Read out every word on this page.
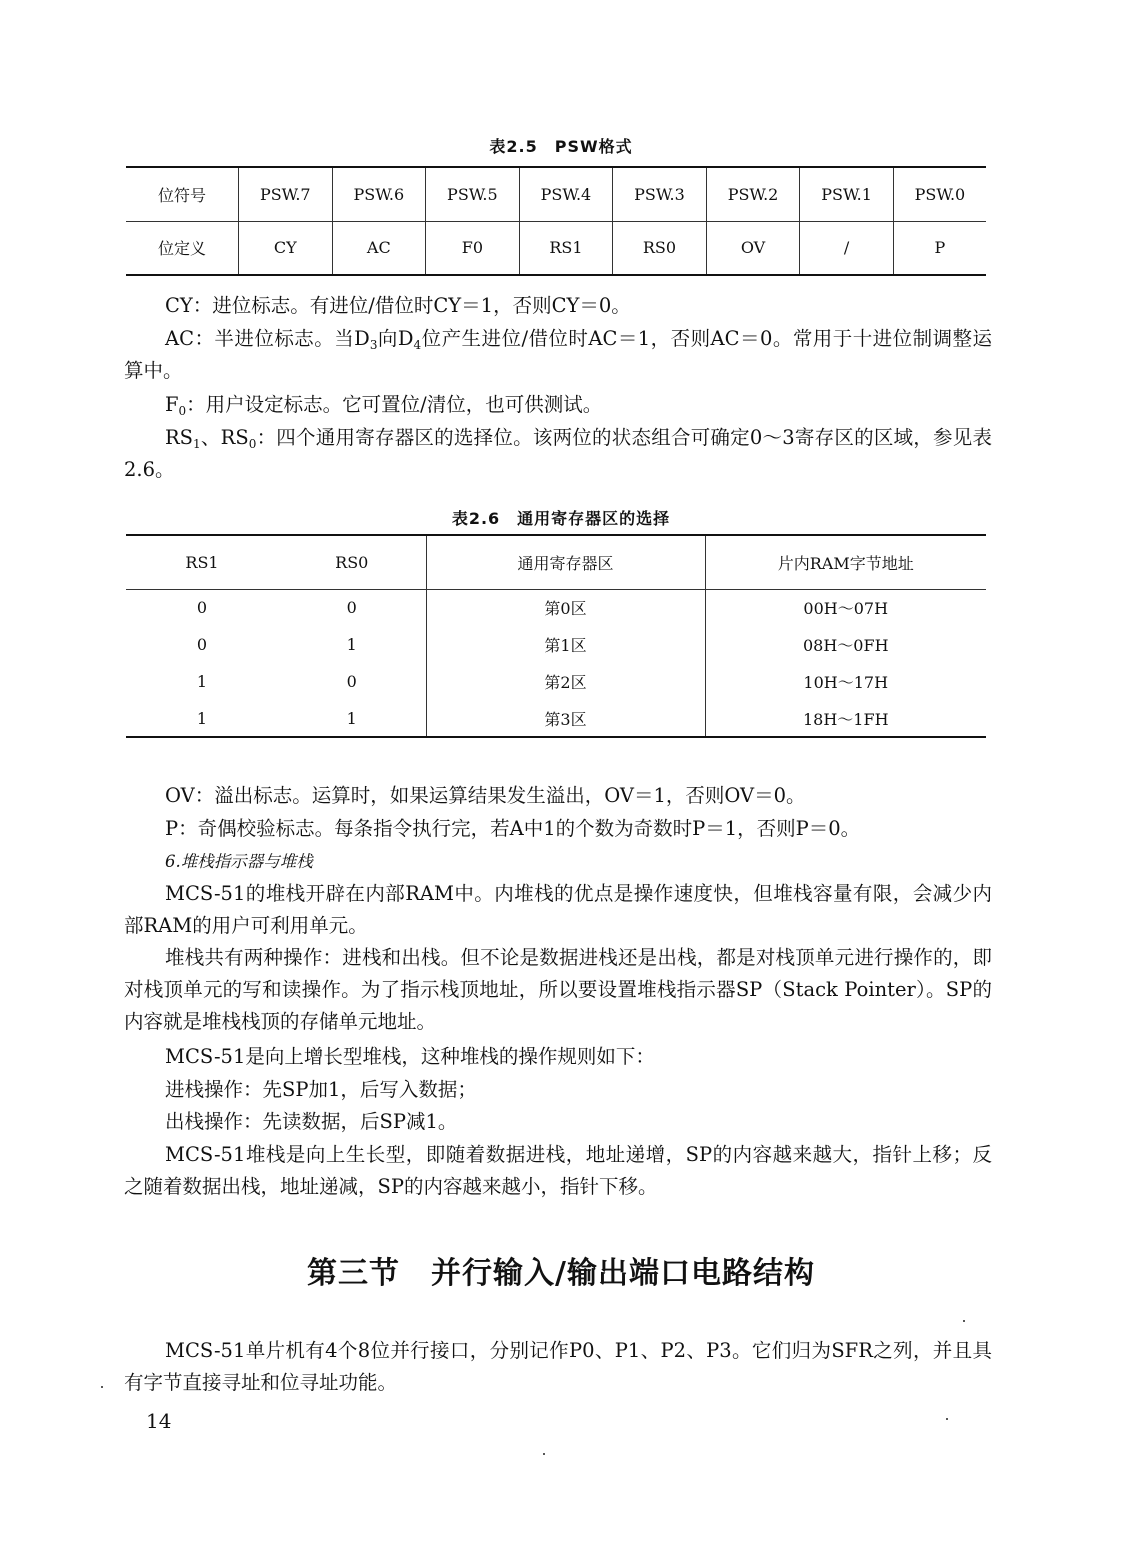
表2.5　PSW格式
位符号	PSW.7	PSW.6	PSW.5	PSW.4	PSW.3	PSW.2	PSW.1	PSW.0
位定义	CY	AC	F0	RS1	RS0	OV	/	P

CY：进位标志。有进位/借位时CY＝1，否则CY＝0。

AC：半进位标志。当$D_3$向$D_4$位产生进位/借位时AC＝1，否则AC＝0。常用于十进位制调整运算中。

$F_0$：用户设定标志。它可置位/清位，也可供测试。

$RS_1$、$RS_0$：四个通用寄存器区的选择位。该两位的状态组合可确定0～3寄存区的区域，参见表2.6。

表2.6　通用寄存器区的选择
RS1	RS0	通用寄存器区	片内RAM字节地址
0	0	第0区	00H～07H
0	1	第1区	08H～0FH
1	0	第2区	10H～17H
1	1	第3区	18H～1FH

OV：溢出标志。运算时，如果运算结果发生溢出，OV＝1，否则OV＝0。

P：奇偶校验标志。每条指令执行完，若A中1的个数为奇数时P＝1，否则P＝0。

6.堆栈指示器与堆栈

MCS-51的堆栈开辟在内部RAM中。内堆栈的优点是操作速度快，但堆栈容量有限，会减少内部RAM的用户可利用单元。

堆栈共有两种操作：进栈和出栈。但不论是数据进栈还是出栈，都是对栈顶单元进行操作的，即对栈顶单元的写和读操作。为了指示栈顶地址，所以要设置堆栈指示器SP（Stack Pointer）。SP的内容就是堆栈栈顶的存储单元地址。

MCS-51是向上增长型堆栈，这种堆栈的操作规则如下：

进栈操作：先SP加1，后写入数据；

出栈操作：先读数据，后SP减1。

MCS-51堆栈是向上生长型，即随着数据进栈，地址递增，SP的内容越来越大，指针上移；反之随着数据出栈，地址递减，SP的内容越来越小，指针下移。

第三节　并行输入/输出端口电路结构

MCS-51单片机有4个8位并行接口，分别记作P0、P1、P2、P3。它们归为SFR之列，并且具有字节直接寻址和位寻址功能。

14
